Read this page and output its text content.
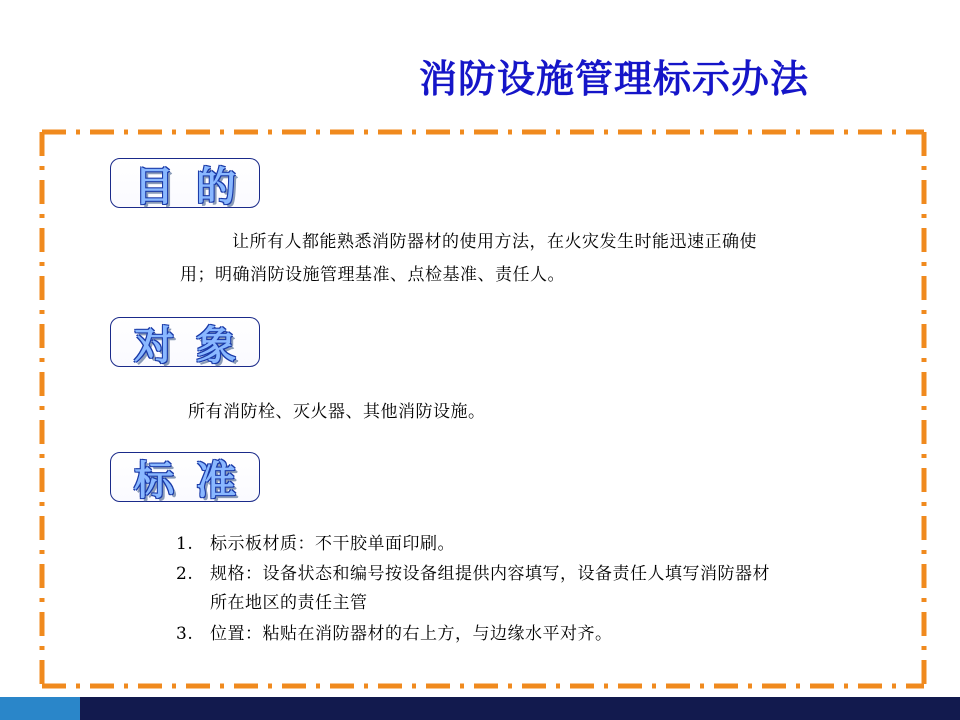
消防设施管理标示办法
目的
让所有人都能熟悉消防器材的使用方法，在火灾发生时能迅速正确使
用；明确消防设施管理基准、点检基准、责任人。
对象
所有消防栓、灭火器、其他消防设施。
标准
1. 标示板材质：不干胶单面印刷。
2. 规格：设备状态和编号按设备组提供内容填写，设备责任人填写消防器材
所在地区的责任主管
3. 位置：粘贴在消防器材的右上方，与边缘水平对齐。
